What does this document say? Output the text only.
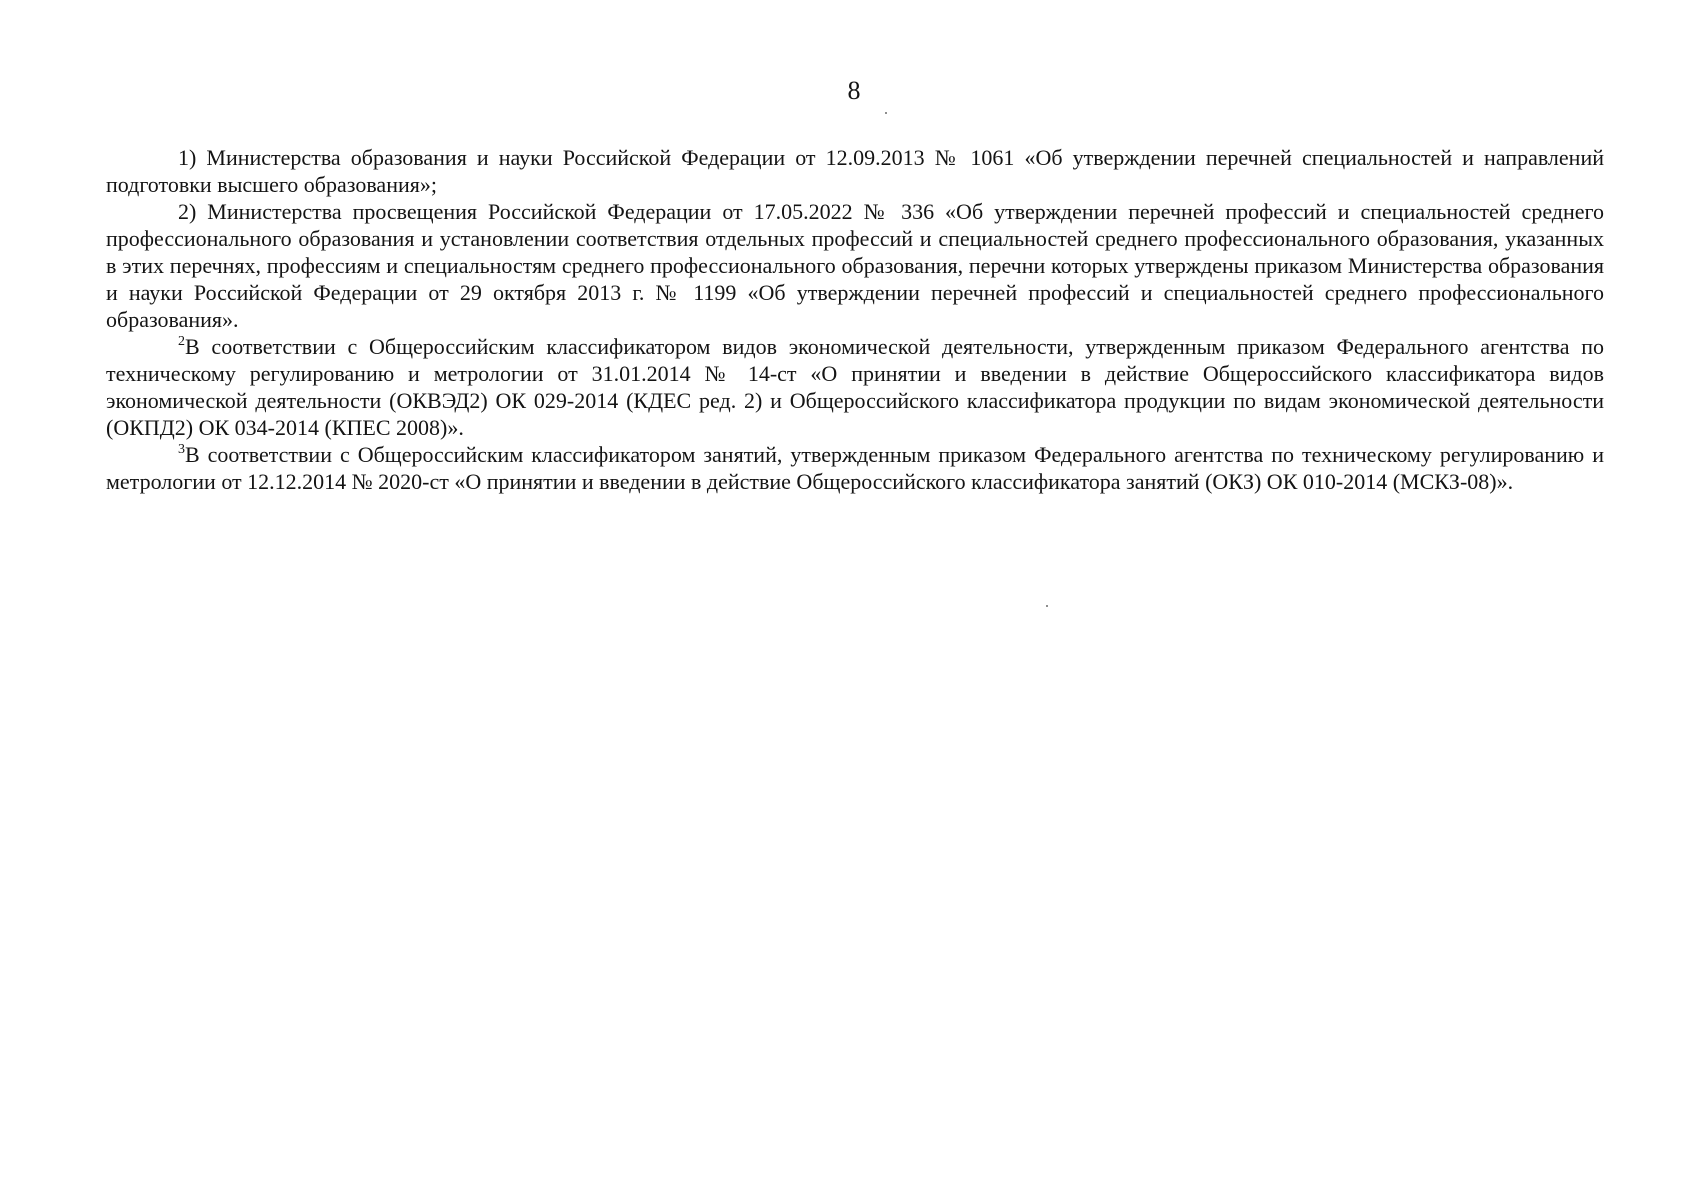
8

1) Министерства образования и науки Российской Федерации от 12.09.2013 № 1061 «Об утверждении перечней специальностей и направлений подготовки высшего образования»;

2) Министерства просвещения Российской Федерации от 17.05.2022 № 336 «Об утверждении перечней профессий и специальностей среднего профессионального образования и установлении соответствия отдельных профессий и специальностей среднего профессионального образования, указанных в этих перечнях, профессиям и специальностям среднего профессионального образования, перечни которых утверждены приказом Министерства образования и науки Российской Федерации от 29 октября 2013 г. № 1199 «Об утверждении перечней профессий и специальностей среднего профессионального образования».

$^2$В соответствии с Общероссийским классификатором видов экономической деятельности, утвержденным приказом Федерального агентства по техническому регулированию и метрологии от 31.01.2014 № 14-ст «О принятии и введении в действие Общероссийского классификатора видов экономической деятельности (ОКВЭД2) ОК 029-2014 (КДЕС ред. 2) и Общероссийского классификатора продукции по видам экономической деятельности (ОКПД2) ОК 034-2014 (КПЕС 2008)».

$^3$В соответствии с Общероссийским классификатором занятий, утвержденным приказом Федерального агентства по техническому регулированию и метрологии от 12.12.2014 № 2020-ст «О принятии и введении в действие Общероссийского классификатора занятий (ОКЗ) ОК 010-2014 (МСКЗ-08)».
